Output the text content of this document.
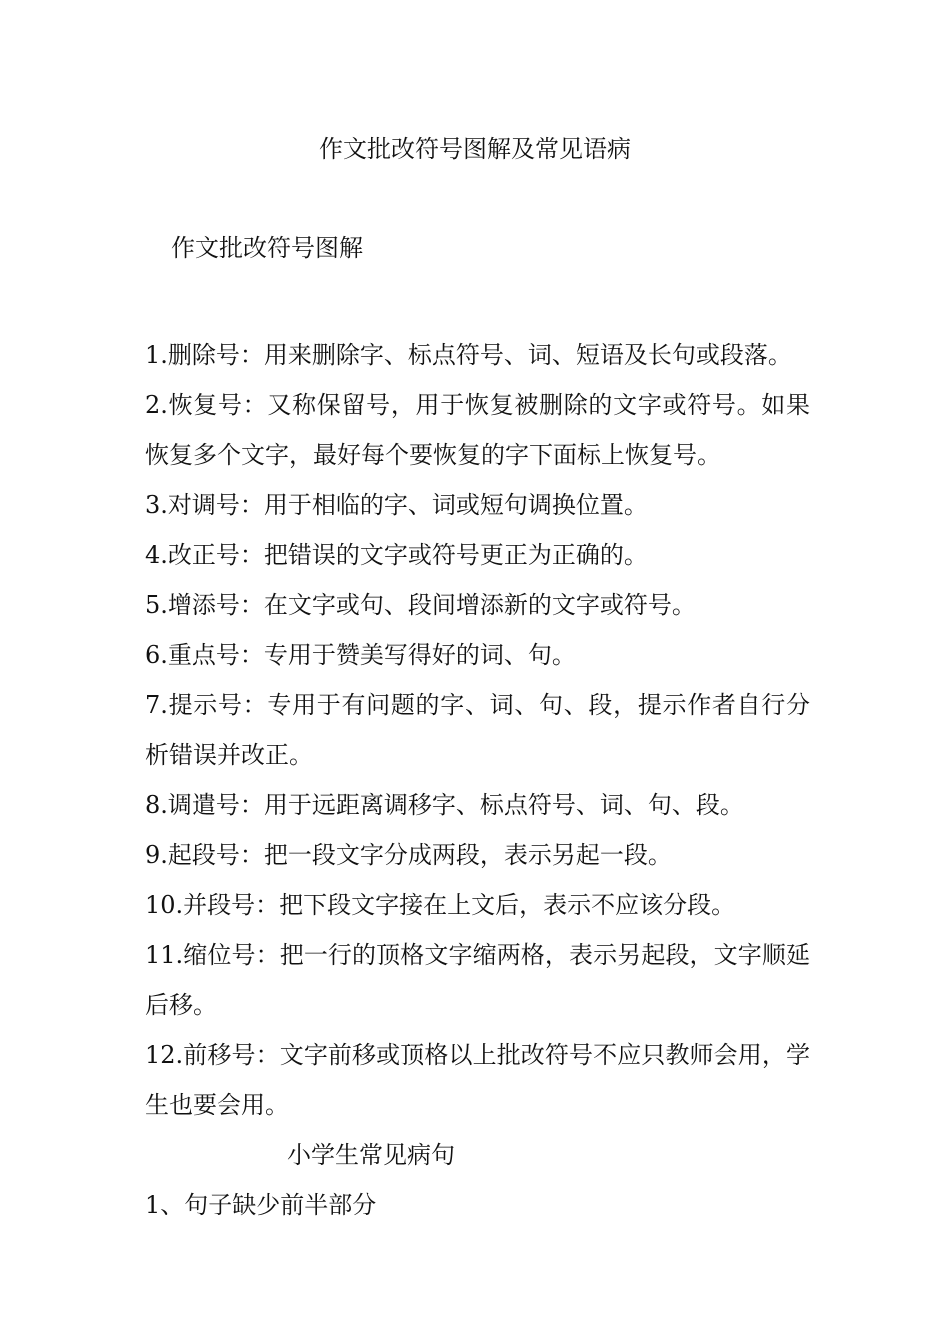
作文批改符号图解及常见语病
作文批改符号图解

1.删除号：用来删除字、标点符号、词、短语及长句或段落。

2.恢复号：又称保留号，用于恢复被删除的文字或符号。如果恢复多个文字，最好每个要恢复的字下面标上恢复号。

3.对调号：用于相临的字、词或短句调换位置。

4.改正号：把错误的文字或符号更正为正确的。

5.增添号：在文字或句、段间增添新的文字或符号。

6.重点号：专用于赞美写得好的词、句。

7.提示号：专用于有问题的字、词、句、段，提示作者自行分析错误并改正。

8.调遣号：用于远距离调移字、标点符号、词、句、段。

9.起段号：把一段文字分成两段，表示另起一段。

10.并段号：把下段文字接在上文后，表示不应该分段。

11.缩位号：把一行的顶格文字缩两格，表示另起段，文字顺延后移。

12.前移号：文字前移或顶格以上批改符号不应只教师会用，学生也要会用。

小学生常见病句
1、句子缺少前半部分
